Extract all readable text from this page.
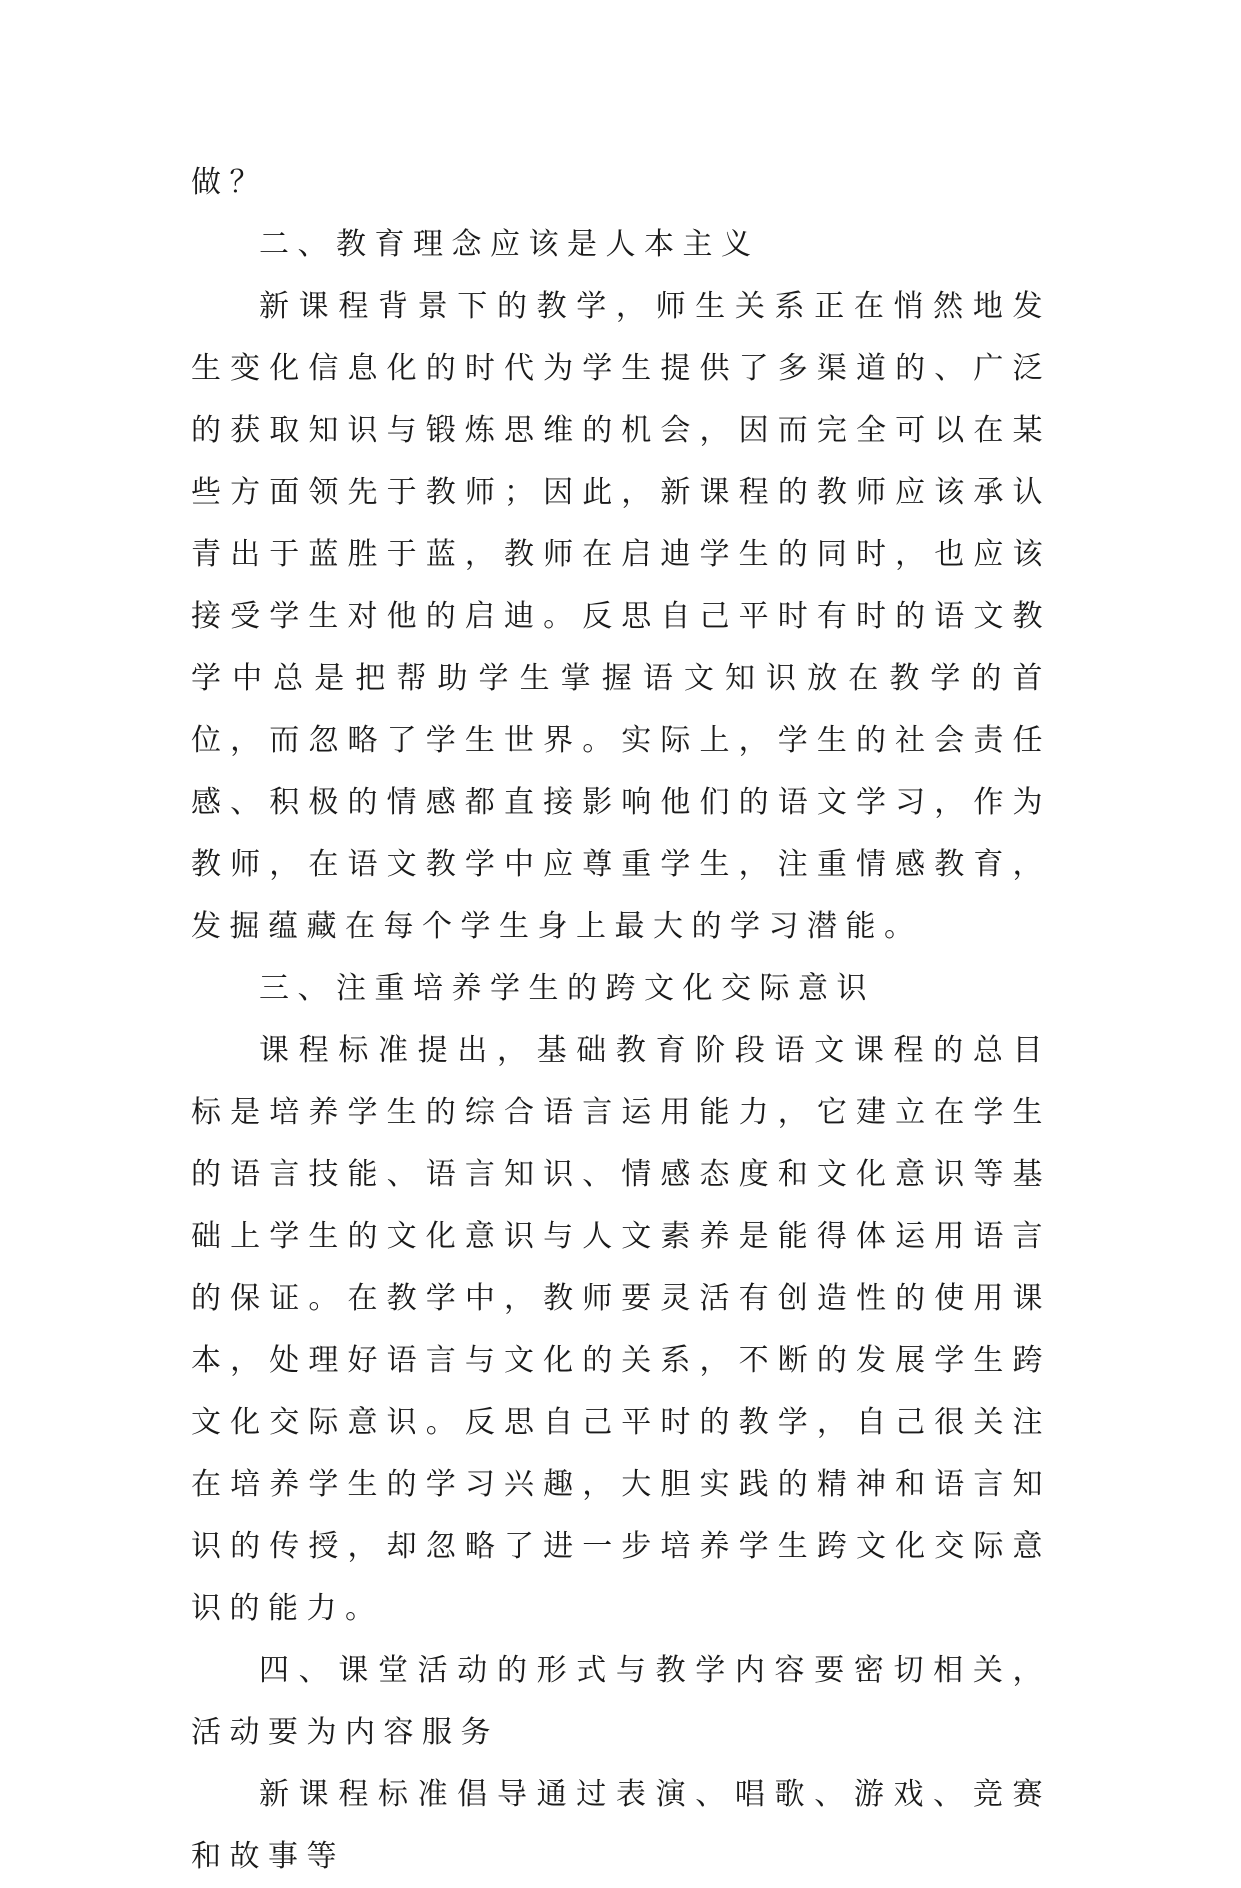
做？

二、教育理念应该是人本主义

新课程背景下的教学，师生关系正在悄然地发生变化信息化的时代为学生提供了多渠道的、广泛的获取知识与锻炼思维的机会，因而完全可以在某些方面领先于教师；因此，新课程的教师应该承认青出于蓝胜于蓝，教师在启迪学生的同时，也应该接受学生对他的启迪。反思自己平时有时的语文教学中总是把帮助学生掌握语文知识放在教学的首位，而忽略了学生世界。实际上，学生的社会责任感、积极的情感都直接影响他们的语文学习，作为教师，在语文教学中应尊重学生，注重情感教育，发掘蕴藏在每个学生身上最大的学习潜能。

三、注重培养学生的跨文化交际意识

课程标准提出，基础教育阶段语文课程的总目标是培养学生的综合语言运用能力，它建立在学生的语言技能、语言知识、情感态度和文化意识等基础上学生的文化意识与人文素养是能得体运用语言的保证。在教学中，教师要灵活有创造性的使用课本，处理好语言与文化的关系，不断的发展学生跨文化交际意识。反思自己平时的教学，自己很关注在培养学生的学习兴趣，大胆实践的精神和语言知识的传授，却忽略了进一步培养学生跨文化交际意识的能力。

四、课堂活动的形式与教学内容要密切相关，活动要为内容服务

新课程标准倡导通过表演、唱歌、游戏、竞赛和故事等
